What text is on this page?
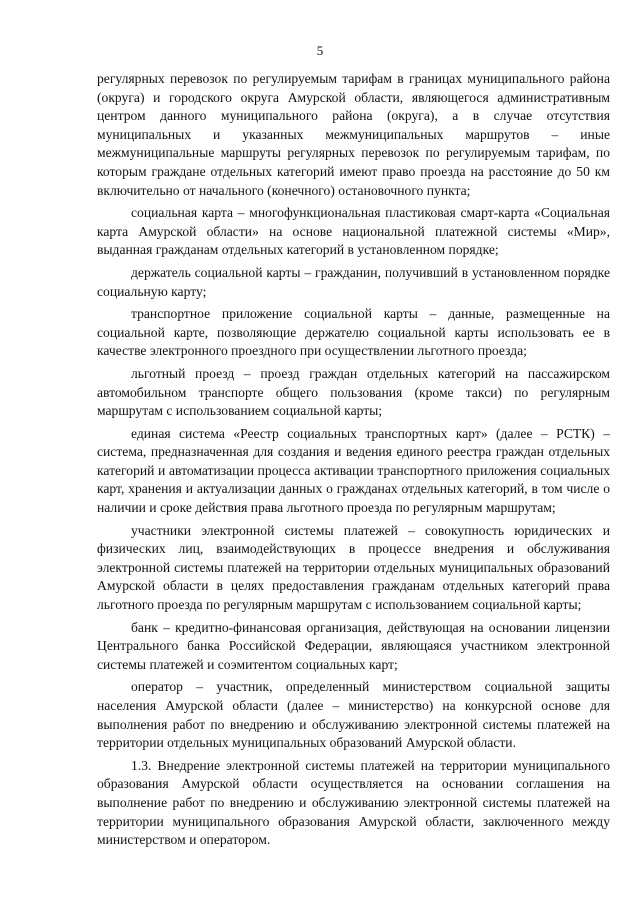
5

регулярных перевозок по регулируемым тарифам в границах муниципального района (округа) и городского округа Амурской области, являющегося административным центром данного муниципального района (округа), а в случае отсутствия муниципальных и указанных межмуниципальных маршрутов – иные межмуниципальные маршруты регулярных перевозок по регулируемым тарифам, по которым граждане отдельных категорий имеют право проезда на расстояние до 50 км включительно от начального (конечного) остановочного пункта;

социальная карта – многофункциональная пластиковая смарт-карта «Социальная карта Амурской области» на основе национальной платежной системы «Мир», выданная гражданам отдельных категорий в установленном порядке;

держатель социальной карты – гражданин, получивший в установленном порядке социальную карту;

транспортное приложение социальной карты – данные, размещенные на социальной карте, позволяющие держателю социальной карты использовать ее в качестве электронного проездного при осуществлении льготного проезда;

льготный проезд – проезд граждан отдельных категорий на пассажирском автомобильном транспорте общего пользования (кроме такси) по регулярным маршрутам с использованием социальной карты;

единая система «Реестр социальных транспортных карт» (далее – РСТК) – система, предназначенная для создания и ведения единого реестра граждан отдельных категорий и автоматизации процесса активации транспортного приложения социальных карт, хранения и актуализации данных о гражданах отдельных категорий, в том числе о наличии и сроке действия права льготного проезда по регулярным маршрутам;

участники электронной системы платежей – совокупность юридических и физических лиц, взаимодействующих в процессе внедрения и обслуживания электронной системы платежей на территории отдельных муниципальных образований Амурской области в целях предоставления гражданам отдельных категорий права льготного проезда по регулярным маршрутам с использованием социальной карты;

банк – кредитно-финансовая организация, действующая на основании лицензии Центрального банка Российской Федерации, являющаяся участником электронной системы платежей и соэмитентом социальных карт;

оператор – участник, определенный министерством социальной защиты населения Амурской области (далее – министерство) на конкурсной основе для выполнения работ по внедрению и обслуживанию электронной системы платежей на территории отдельных муниципальных образований Амурской области.

1.3. Внедрение электронной системы платежей на территории муниципального образования Амурской области осуществляется на основании соглашения на выполнение работ по внедрению и обслуживанию электронной системы платежей на территории муниципального образования Амурской области, заключенного между министерством и оператором.
